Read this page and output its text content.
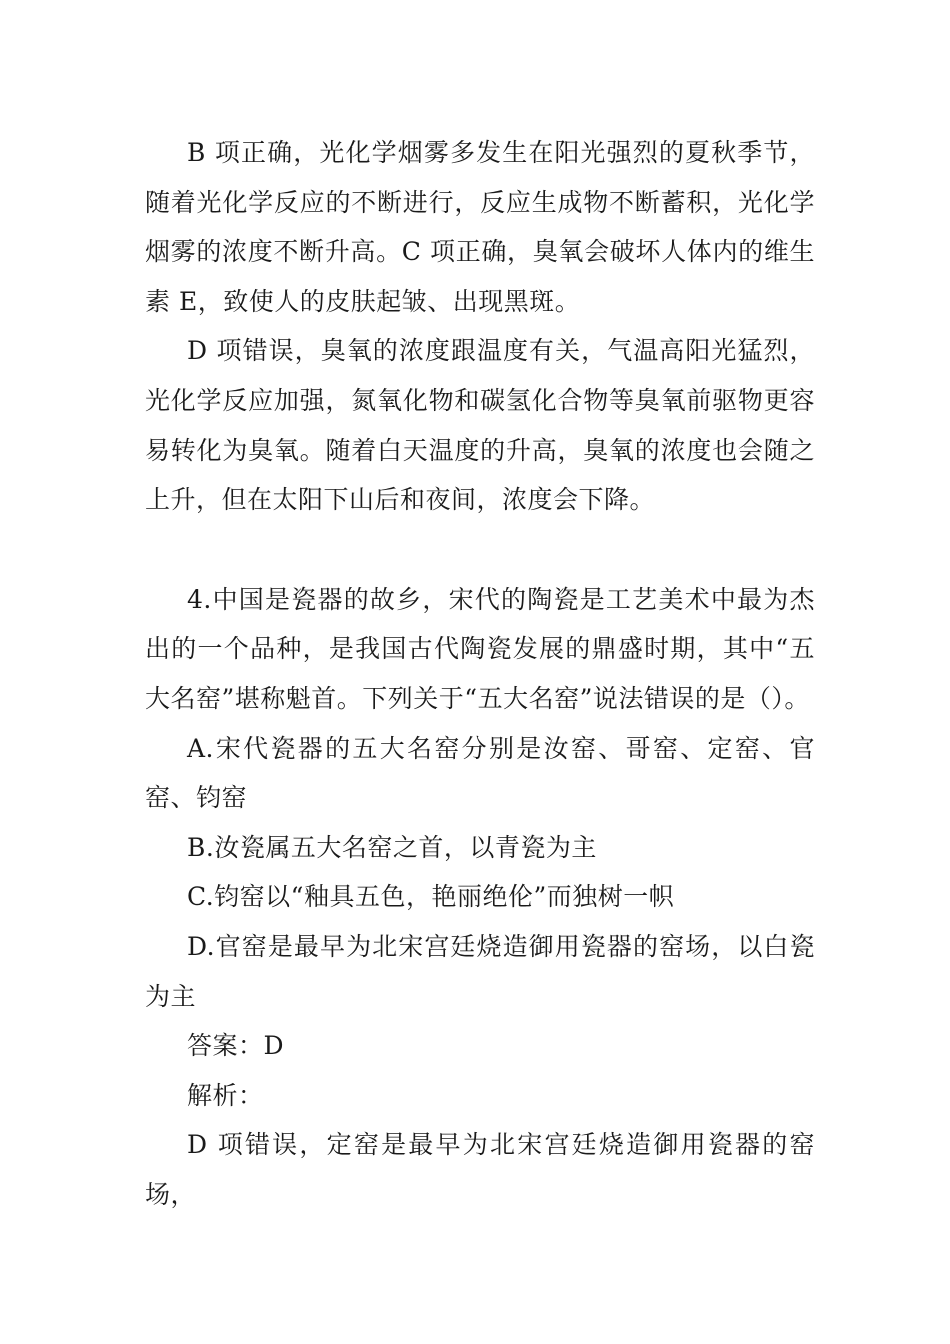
B 项正确，光化学烟雾多发生在阳光强烈的夏秋季节，随着光化学反应的不断进行，反应生成物不断蓄积，光化学烟雾的浓度不断升高。C 项正确，臭氧会破坏人体内的维生素 E，致使人的皮肤起皱、出现黑斑。

D 项错误，臭氧的浓度跟温度有关，气温高阳光猛烈，光化学反应加强，氮氧化物和碳氢化合物等臭氧前驱物更容易转化为臭氧。随着白天温度的升高，臭氧的浓度也会随之上升，但在太阳下山后和夜间，浓度会下降。

4.中国是瓷器的故乡，宋代的陶瓷是工艺美术中最为杰出的一个品种，是我国古代陶瓷发展的鼎盛时期，其中“五大名窑”堪称魁首。下列关于“五大名窑”说法错误的是（）。

A.宋代瓷器的五大名窑分别是汝窑、哥窑、定窑、官窑、钧窑

B.汝瓷属五大名窑之首，以青瓷为主

C.钧窑以“釉具五色，艳丽绝伦”而独树一帜

D.官窑是最早为北宋宫廷烧造御用瓷器的窑场，以白瓷为主

答案：D

解析：

D 项错误，定窑是最早为北宋宫廷烧造御用瓷器的窑场，
